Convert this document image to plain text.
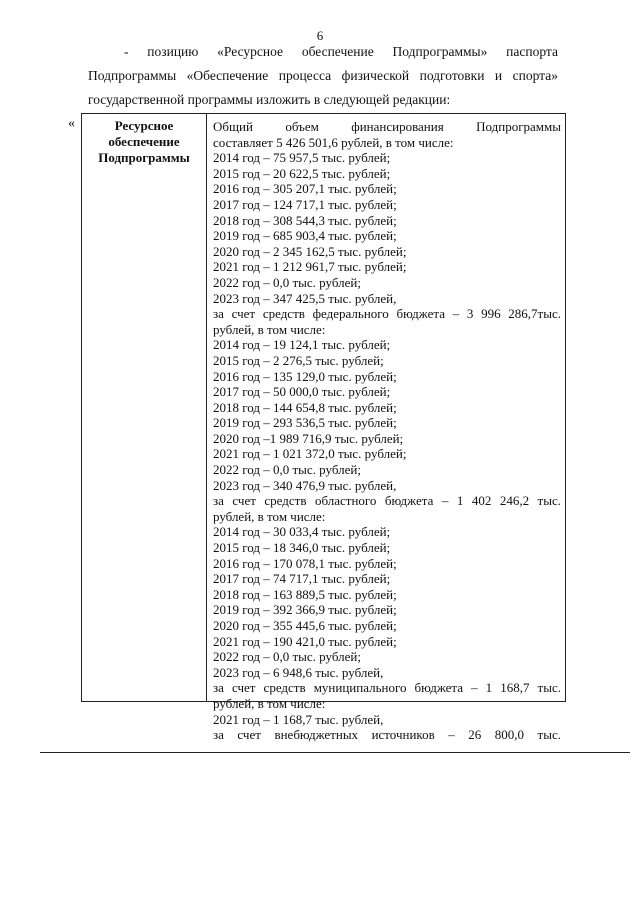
6
- позицию «Ресурсное обеспечение Подпрограммы» паспорта
Подпрограммы «Обеспечение процесса физической подготовки и спорта»
государственной программы изложить в следующей редакции:
«	Ресурсное
обеспечение
Подпрограммы
Общий объем финансирования Подпрограммы
составляет 5 426 501,6 рублей, в том числе:
2014 год – 75 957,5 тыс. рублей;
2015 год – 20 622,5 тыс. рублей;
2016 год – 305 207,1 тыс. рублей;
2017 год – 124 717,1 тыс. рублей;
2018 год – 308 544,3 тыс. рублей;
2019 год – 685 903,4 тыс. рублей;
2020 год – 2 345 162,5 тыс. рублей;
2021 год – 1 212 961,7 тыс. рублей;
2022 год – 0,0 тыс. рублей;
2023 год – 347 425,5 тыс. рублей,
за счет средств федерального бюджета – 3 996 286,7тыс.
рублей, в том числе:
2014 год – 19 124,1 тыс. рублей;
2015 год – 2 276,5 тыс. рублей;
2016 год – 135 129,0 тыс. рублей;
2017 год – 50 000,0 тыс. рублей;
2018 год – 144 654,8 тыс. рублей;
2019 год – 293 536,5 тыс. рублей;
2020 год –1 989 716,9 тыс. рублей;
2021 год – 1 021 372,0 тыс. рублей;
2022 год – 0,0 тыс. рублей;
2023 год – 340 476,9 тыс. рублей,
за счет средств областного бюджета – 1 402 246,2 тыс.
рублей, в том числе:
2014 год – 30 033,4 тыс. рублей;
2015 год – 18 346,0 тыс. рублей;
2016 год – 170 078,1 тыс. рублей;
2017 год – 74 717,1 тыс. рублей;
2018 год – 163 889,5 тыс. рублей;
2019 год – 392 366,9 тыс. рублей;
2020 год – 355 445,6 тыс. рублей;
2021 год – 190 421,0 тыс. рублей;
2022 год – 0,0 тыс. рублей;
2023 год – 6 948,6 тыс. рублей,
за счет средств муниципального бюджета – 1 168,7 тыс.
рублей, в том числе:
2021 год – 1 168,7 тыс. рублей,
за счет внебюджетных источников – 26 800,0 тыс.
